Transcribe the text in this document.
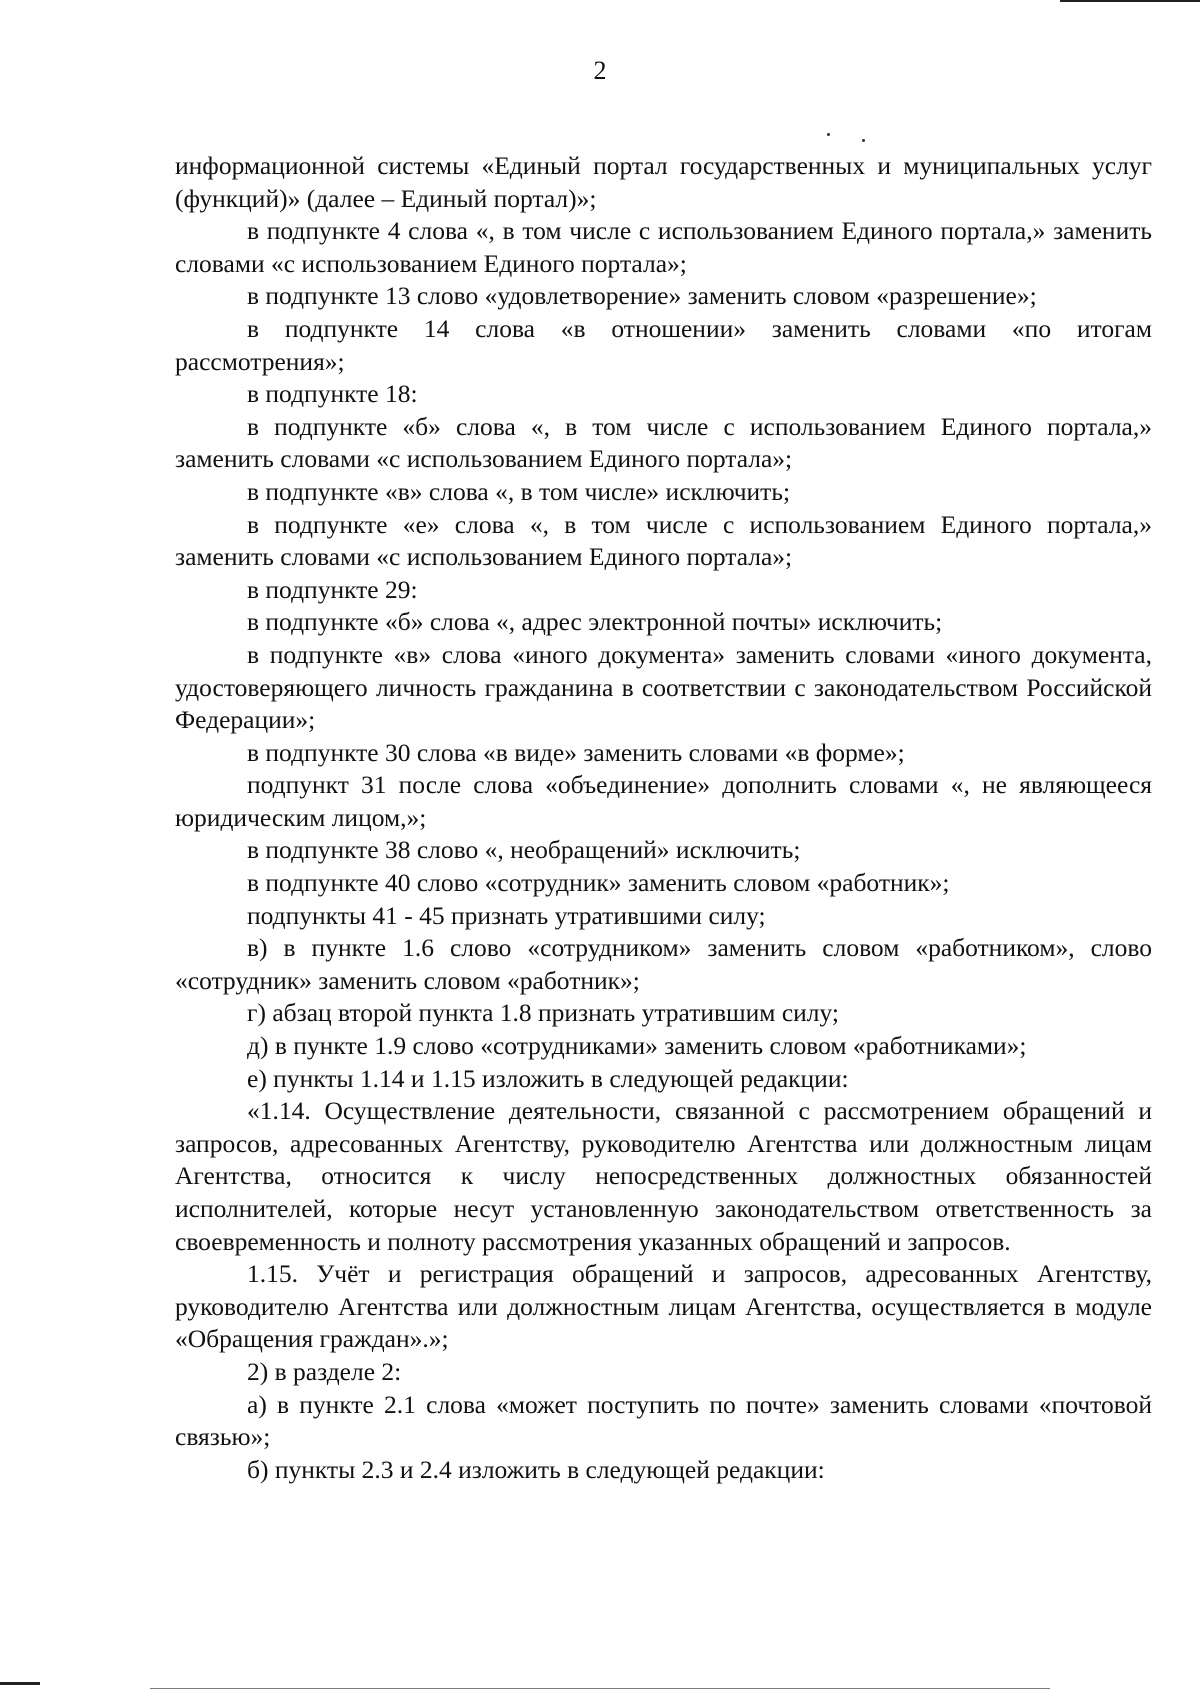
2

информационной системы «Единый портал государственных и муниципальных услуг (функций)» (далее – Единый портал)»;

в подпункте 4 слова «, в том числе с использованием Единого портала,» заменить словами «с использованием Единого портала»;

в подпункте 13 слово «удовлетворение» заменить словом «разрешение»;

в подпункте 14 слова «в отношении» заменить словами «по итогам рассмотрения»;

в подпункте 18:

в подпункте «б» слова «, в том числе с использованием Единого портала,» заменить словами «с использованием Единого портала»;

в подпункте «в» слова «, в том числе» исключить;

в подпункте «е» слова «, в том числе с использованием Единого портала,» заменить словами «с использованием Единого портала»;

в подпункте 29:

в подпункте «б» слова «, адрес электронной почты» исключить;

в подпункте «в» слова «иного документа» заменить словами «иного документа, удостоверяющего личность гражданина в соответствии с законодательством Российской Федерации»;

в подпункте 30 слова «в виде» заменить словами «в форме»;

подпункт 31 после слова «объединение» дополнить словами «, не являющееся юридическим лицом,»;

в подпункте 38 слово «, необращений» исключить;

в подпункте 40 слово «сотрудник» заменить словом «работник»;

подпункты 41 - 45 признать утратившими силу;

в) в пункте 1.6 слово «сотрудником» заменить словом «работником», слово «сотрудник» заменить словом «работник»;

г) абзац второй пункта 1.8 признать утратившим силу;

д) в пункте 1.9 слово «сотрудниками» заменить словом «работниками»;

е) пункты 1.14 и 1.15 изложить в следующей редакции:

«1.14. Осуществление деятельности, связанной с рассмотрением обращений и запросов, адресованных Агентству, руководителю Агентства или должностным лицам Агентства, относится к числу непосредственных должностных обязанностей исполнителей, которые несут установленную законодательством ответственность за своевременность и полноту рассмотрения указанных обращений и запросов.

1.15. Учёт и регистрация обращений и запросов, адресованных Агентству, руководителю Агентства или должностным лицам Агентства, осуществляется в модуле «Обращения граждан».»;

2) в разделе 2:

а) в пункте 2.1 слова «может поступить по почте» заменить словами «почтовой связью»;

б) пункты 2.3 и 2.4 изложить в следующей редакции:
